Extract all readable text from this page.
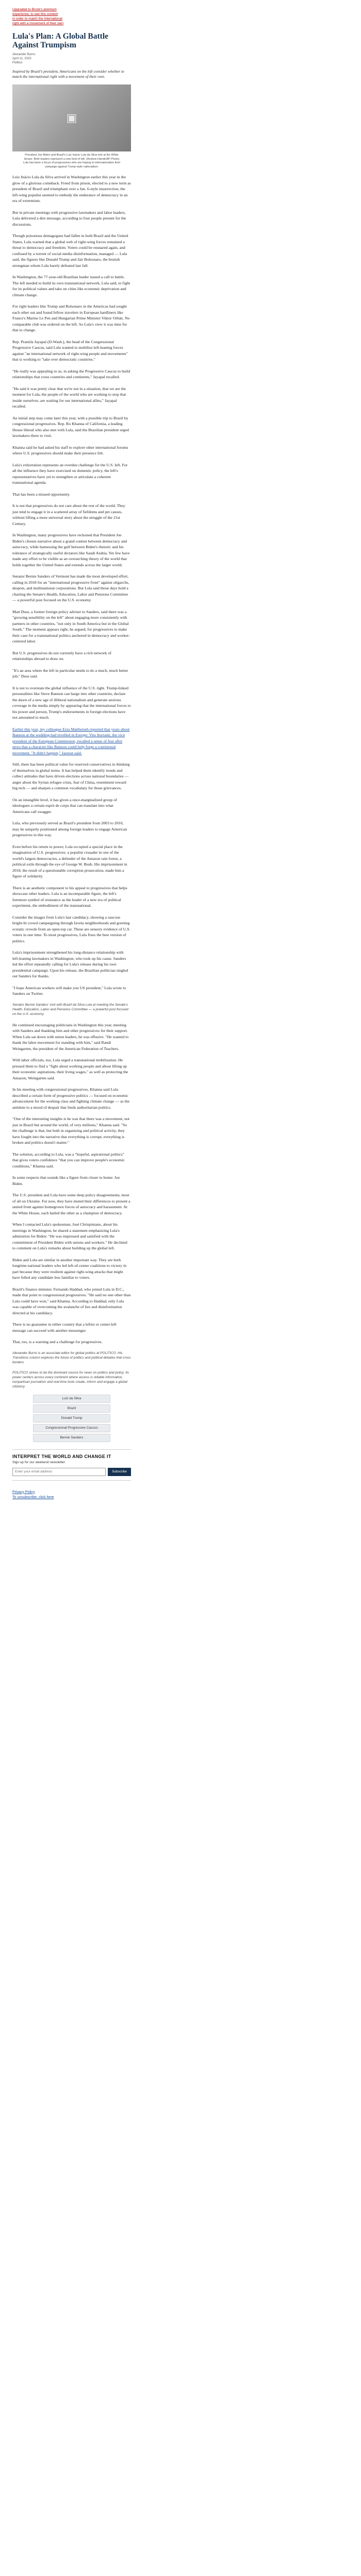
Upgraded to Brock's premium
experience, to see this content
in order to match the international
right with a movement of their own
Lula's Plan: A Global Battle Against Trumpism
Alexander Burns
April 11, 2023
Politico
Inspired by Brazil's president, Americans on the left consider whether to match the international right with a movement of their own.
▣
President Joe Biden and Brazil's Luiz Inácio Lula da Silva met at the White House. Both leaders represent a new kind of left. (Andrew Harnik/AP Photo) Lula has been a focus of progressives who are hoping to internationalize their campaign against Trump-style nationalism.

Luiz Inácio Lula da Silva arrived in Washington earlier this year in the glow of a glorious comeback. Freed from prison, elected to a new term as president of Brazil and triumphant over a Jan. 6-style insurrection, the left-wing populist seemed to embody the endurance of democracy in an era of extremism.

But in private meetings with progressive lawmakers and labor leaders, Lula delivered a dire message, according to four people present for the discussions.

Though poisonous demagogues had fallen in both Brazil and the United States, Lula warned that a global web of right-wing forces remained a threat to democracy and freedom. Voters could be ensnared again, and confused by a torrent of social-media disinformation, managed — Lula said, the figures like Donald Trump and Jair Bolsonaro, the brutish strongman whom Lula barely defeated last fall.

In Washington, the 77-year-old Brazilian leader issued a call to battle. The left needed to build its own transnational network, Lula said, to fight for its political values and take on cities like economic deprivation and climate change.

For right leaders like Trump and Bolsonaro in the Americas had sought each other out and found fellow travelers in European hardliners like France's Marine Le Pen and Hungarian Prime Minister Viktor Orbán. No comparable club was ordered on the left. So Lula's view it was time for that to change.

Rep. Pramila Jayapal (D-Wash.), the head of the Congressional Progressive Caucus, said Lula wanted to mobilize left-leaning forces against "an international network of right-wing people and movements" that is working to "take over democratic countries."

"He really was appealing to us, in asking the Progressive Caucus to build relationships that cross countries and continents," Jayapal recalled.

"He said it was pretty clear that we're not in a situation, that we are the moment for Lula, the people of the world who are working to stop that inside ourselves, are waiting for our international allies," Jayapal recalled.

An initial step may come later this year, with a possible trip to Brazil by congressional progressives. Rep. Ro Khanna of California, a leading House liberal who also met with Lula, said the Brazilian president urged lawmakers there to visit.

Khanna said he had asked his staff to explore other international forums where U.S. progressives should make their presence felt.

Lula's exhortation represents an overdue challenge for the U.S. left. For all the influence they have exercised on domestic policy, the left's representatives have yet to strengthen or articulate a coherent transnational agenda.

That has been a missed opportunity.

It is not that progressives do not care about the rest of the world. They just tend to engage it in a scattered array of fiefdoms and pet causes, without lifting a more universal story about the struggle of the 21st Century.

In Washington, many progressives have reckoned that President Joe Biden's chosen narrative about a grand contest between democracy and autocracy, while harnessing the gulf between Biden's rhetoric and his tolerance of strategically useful dictators like Saudi Arabia. Yet few have made any effort to be visible as an overarching theory of the world that holds together the United States and extends across the larger world.

Senator Bernie Sanders of Vermont has made the most developed effort, calling in 2018 for an "international progressive front" against oligarchs, despots, and multinational corporations. But Lula said those days hold a charting the Senate's Health, Education, Labor and Pensions Committee — a powerful post focused on the U.S. economy.

Matt Duss, a former foreign policy adviser to Sanders, said there was a "growing sensibility on the left" about engaging more consistently with partners in other countries, "not only in South America but in the Global South." The moment appears right, he argued, for progressives to make their case for a transnational politics anchored in democracy and worker-centered labor.

But U.S. progressives do not currently have a rich network of relationships abroad to draw on.

"It's an area where the left in particular needs to do a much, much better job," Duss said.

It is not to overstate the global influence of the U.S. right. Trump-linked personalities like Steve Bannon can barge into other countries, declare the dawn of a new age of illiberal nationalism and generate anxious coverage in the media simply by appearing that the international forces to his power and person, Trump's endorsements in foreign elections have not amounted to much.

Earlier this year, my colleague Ezra Mattheiseh reported that years about Bannon at the wedding had revelled in Europe: Vito Iturrami, the vice president of the European Commission, recalled a sense of fear after news that a character like Bannon could help forge a continental movement. "It didn't happen," Jasnost said.

Still, there has been political value for reserved conservatives in thinking of themselves in global terms. It has helped them identify trends and collect attitudes that have driven elections across national boundaries — anger about the Syrian refugee crisis, fear of China, resentment toward big tech — and sharpen a common vocabulary for those grievances.

On an intangible level, it has given a once-marginalized group of ideologues a certain esprit de corps that can translate into what Americans call swagger.

Lula, who previously served as Brazil's president from 2003 to 2010, may be uniquely positioned among foreign leaders to engage American progressives in this way.

Even before his return to power, Lula occupied a special place in the imagination of U.S. progressives: a populist crusader in one of the world's largest democracies, a defender of the Amazon rain forest, a political exile through the eye of George W. Bush. His imprisonment in 2018, the result of a questionable corruption prosecution, made him a figure of solidarity.

There is an aesthetic component to his appeal to progressives that helps showcase other leaders. Lula is an incomparable figure, the left's foremost symbol of resistance as the leader of a new era of political experiment, the embodiment of the transnational.

Consider the images from Lula's last candidacy, showing a raucous bright-lit crowd campaigning through favela neighborhoods and greeting ecstatic crowds from an open-top car. These are sensory evidence of U.S. voters in one time. To most progressives, Lula fixes the best version of politics.

Lula's imprisonment strengthened his long-distance relationship with left-leaning lawmakers in Washington, who took up his cause. Sanders led the effort repeatedly calling for Lula's release during his own presidential campaign. Upon his release, the Brazilian politician singled out Sanders for thanks.

"I hope American workers will make you US president," Lula wrote to Sanders on Twitter.

Senator Bernie Sanders' visit with Brazil da Silva Lula at meeting the Senate's Health, Education, Labor and Pensions Committee — a powerful post focused on the U.S. economy.

He continued encouraging politicians in Washington this year, meeting with Sanders and thanking him and other progressives for their support. When Lula sat down with union leaders, he was effusive. "He wanted to thank the labor movement for standing with him," said Randi Weingarten, the president of the American Federation of Teachers.

With labor officials, too, Lula urged a transnational mobilization. He pressed them to find a "fight about working people and about lifting up their economic aspirations, their living wages," as well as protecting the Amazon, Weingarten said.

In his meeting with congressional progressives, Khanna said Lula described a certain form of progressive politics — focused on economic advancement for the working class and fighting climate change — as the antidote to a mood of despair that feeds authoritarian politics.

"One of the interesting insights is he was that there was a movement, not just in Brazil but around the world, of very millions," Khanna said. "So the challenge is that, but both in organizing and political activity, they have fought into the narrative that everything is corrupt, everything is broken and politics doesn't matter."

The solution, according to Lula, was a "hopeful, aspirational politics" that gives voters confidence "that you can improve people's economic conditions," Khanna said.

In some respects that sounds like a figure from closer to home: Joe Biden.

The U.S. president and Lula have some deep policy disagreements, most of all on Ukraine. For now, they have muted their differences to present a united front against homegrown forces of autocracy and harassment. At the White House, each hailed the other as a champion of democracy.

When I contacted Lula's spokesman, José Chrispiniano, about his meetings in Washington, he shared a statement emphasizing Lula's admiration for Biden: "He was impressed and satisfied with the commitment of President Biden with unions and workers." He declined to comment on Lula's remarks about building up the global left.

Biden and Lula are similar in another important way. They are both longtime national leaders who led left-of-center coalitions to victory in part because they were resilient against right-wing attacks that might have felled any candidate less familiar to voters.

Brazil's finance minister, Fernando Haddad, who joined Lula in D.C., made that point to congressional progressives. "He said no one other than Lula could have won," said Khanna. According to Haddad, only Lula was capable of overcoming the avalanche of lies and disinformation directed at his candidacy.

There is no guarantee in either country that a leftist or center-left message can succeed with another messenger.

That, too, is a warning and a challenge for progressives.

Alexander Burns is an associate editor for global politics at POLITICO. His Transitions column explores the future of politics and political debates that cross borders.

POLITICO strives to be the dominant source for news on politics and policy. Its power centers across every continent where access is reliable information, nonpartisan journalism and real-time tools create, inform and engage a global citizenry.

Luiz da Silva
Brazil
Donald Trump
Congressional Progressive Caucus
Bernie Sanders
INTERPRET THE WORLD AND CHANGE IT
Sign up for our weekend newsletter.
Enter your email address
Subscribe
Privacy Policy
To unsubscribe, click here
